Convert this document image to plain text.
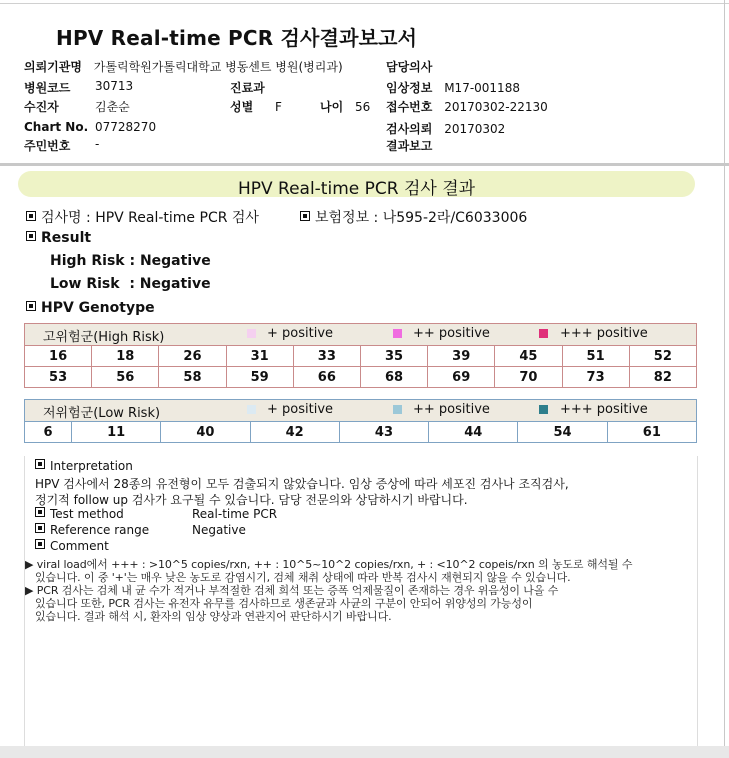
HPV Real-time PCR 검사결과보고서
의뢰기관명 가톨릭학원가톨릭대학교 병동센트 병원(병리과)	담당의사
병원코드 30713	진료과	임상정보 M17-001188
수진자	김춘순	성별 F	나이 56 접수번호 20170302-22130
Chart No. 07728270	검사의뢰 20170302
주민번호 -	결과보고
HPV Real-time PCR 검사 결과
검사명 : HPV Real-time PCR 검사	보험정보 : 나595-2라/C6033006
Result
High Risk : Negative
Low Risk  : Negative
HPV Genotype
고위험군(High Risk)	+ positive	++ positive	+++ positive
16	18	26	31	33	35	39	45	51	52
53	56	58	59	66	68	69	70	73	82
저위험군(Low Risk)	+ positive	++ positive	+++ positive
6	11	40	42	43	44	54	61
Interpretation
HPV 검사에서 28종의 유전형이 모두 검출되지 않았습니다. 임상 증상에 따라 세포진 검사나 조직검사,
정기적 follow up 검사가 요구될 수 있습니다. 담당 전문의와 상담하시기 바랍니다.
Test method	Real-time PCR
Reference range	Negative
Comment
▶ viral load에서 +++ : >10^5 copies/rxn, ++ : 10^5~10^2 copies/rxn, + : <10^2 copeis/rxn 의 농도로 해석될 수
있습니다. 이 중 '+'는 매우 낮은 농도로 감염시기, 검체 채취 상태에 따라 반복 검사시 재현되지 않을 수 있습니다.
▶ PCR 검사는 검체 내 균 수가 적거나 부적절한 검체 희석 또는 증폭 억제물질이 존재하는 경우 위음성이 나올 수
있습니다 또한, PCR 검사는 유전자 유무를 검사하므로 생존균과 사균의 구분이 안되어 위양성의 가능성이
있습니다. 결과 해석 시, 환자의 임상 양상과 연관지어 판단하시기 바랍니다.
